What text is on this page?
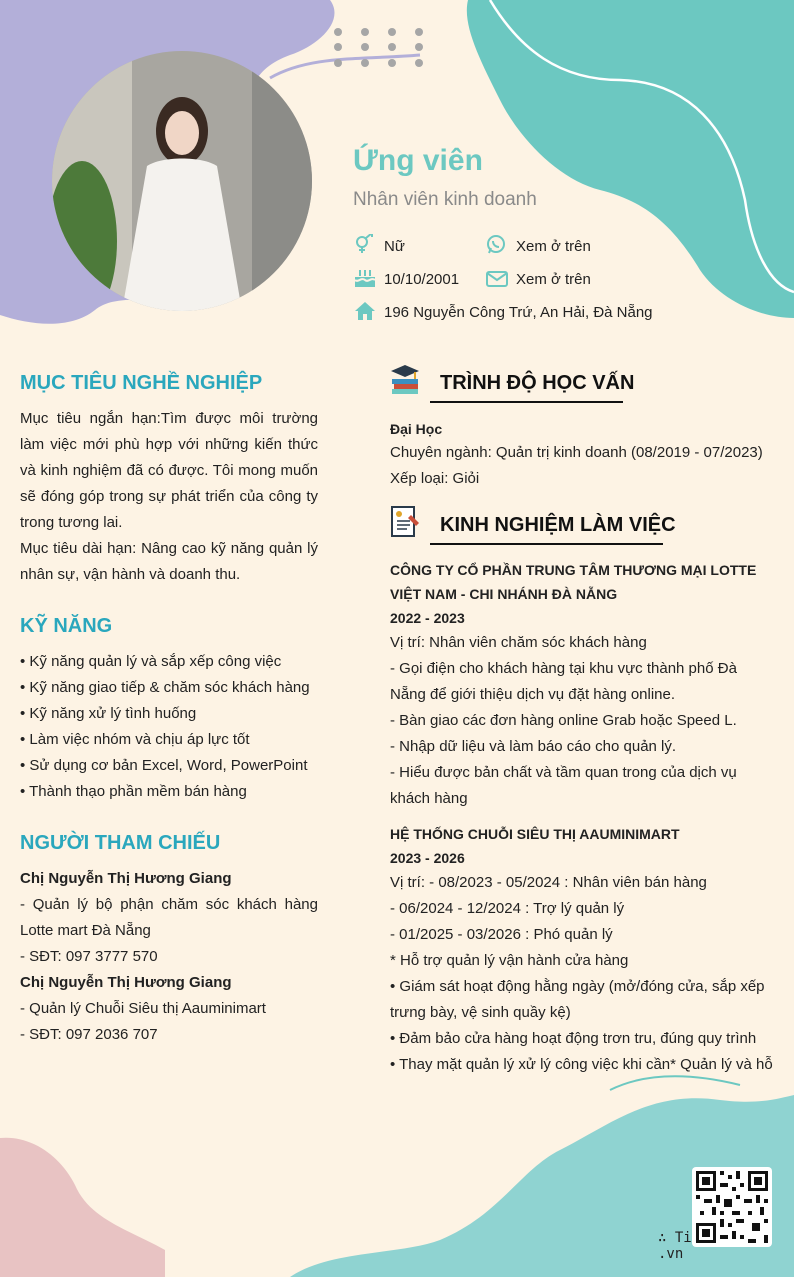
Ứng viên
Nhân viên kinh doanh
Nữ	Xem ở trên
10/10/2001	Xem ở trên
196 Nguyễn Công Trứ, An Hải, Đà Nẵng
MỤC TIÊU NGHỀ NGHIỆP
Mục tiêu ngắn hạn:Tìm được môi trường làm việc mới phù hợp với những kiến thức và kinh nghiệm đã có được. Tôi mong muốn sẽ đóng góp trong sự phát triển của công ty trong tương lai.
Mục tiêu dài hạn: Nâng cao kỹ năng quản lý nhân sự, vận hành và doanh thu.
KỸ NĂNG
• Kỹ năng quản lý và sắp xếp công việc
• Kỹ năng giao tiếp & chăm sóc khách hàng
• Kỹ năng xử lý tình huống
• Làm việc nhóm và chịu áp lực tốt
• Sử dụng cơ bản Excel, Word, PowerPoint
• Thành thạo phần mềm bán hàng
NGƯỜI THAM CHIẾU
Chị Nguyễn Thị Hương Giang
- Quản lý bộ phận chăm sóc khách hàng Lotte mart Đà Nẵng
- SĐT: 097 3777 570
Chị Nguyễn Thị Hương Giang
- Quản lý Chuỗi Siêu thị Aauminimart
- SĐT: 097 2036 707
TRÌNH ĐỘ HỌC VẤN
Đại Học
Chuyên ngành: Quản trị kinh doanh (08/2019 - 07/2023)
Xếp loại: Giỏi
KINH NGHIỆM LÀM VIỆC
CÔNG TY CỔ PHẦN TRUNG TÂM THƯƠNG MẠI LOTTE
VIỆT NAM - CHI NHÁNH ĐÀ NẴNG
2022 - 2023
Vị trí: Nhân viên chăm sóc khách hàng
- Gọi điện cho khách hàng tại khu vực thành phố Đà
Nẵng để giới thiệu dịch vụ đặt hàng online.
- Bàn giao các đơn hàng online Grab hoặc Speed L.
- Nhập dữ liệu và làm báo cáo cho quản lý.
- Hiểu được bản chất và tầm quan trong của dịch vụ
khách hàng
HỆ THỐNG CHUỖI SIÊU THỊ AAUMINIMART
2023 - 2026
Vị trí: - 08/2023 - 05/2024 : Nhân viên bán hàng
- 06/2024 - 12/2024 : Trợ lý quản lý
- 01/2025 - 03/2026 : Phó quản lý
* Hỗ trợ quản lý vận hành cửa hàng
• Giám sát hoạt động hằng ngày (mở/đóng cửa, sắp xếp
trưng bày, vệ sinh quầy kệ)
• Đảm bảo cửa hàng hoạt động trơn tru, đúng quy trình
• Thay mặt quản lý xử lý công việc khi cần* Quản lý và hỗ
∴ Ti.vn
